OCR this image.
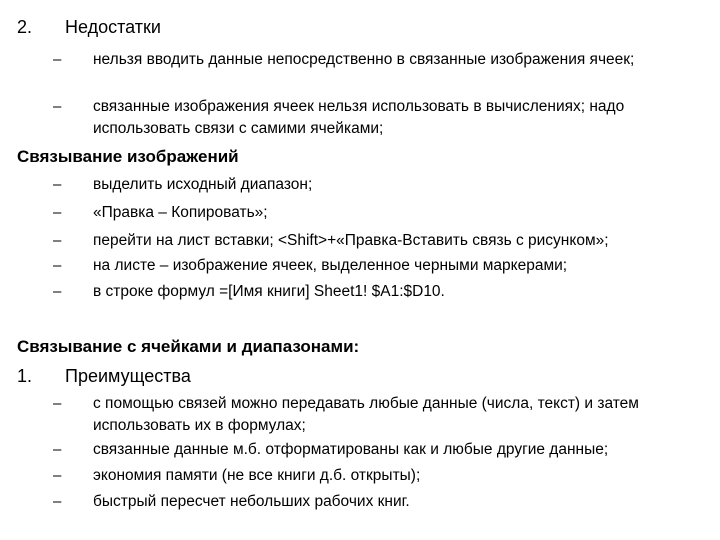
2. Недостатки
– нельзя вводить данные непосредственно в связанные изображения ячеек;
– связанные изображения ячеек нельзя использовать в вычислениях; надо использовать связи с самими ячейками;
Связывание изображений
– выделить исходный диапазон;
– «Правка – Копировать»;
– перейти на лист вставки; <Shift>+«Правка-Вставить связь с рисунком»;
– на листе – изображение ячеек, выделенное черными маркерами;
– в строке формул =[Имя книги] Sheet1! $A1:$D10.
Связывание с ячейками и диапазонами:
1. Преимущества
– с помощью связей можно передавать любые данные (числа, текст) и затем использовать их в формулах;
– связанные данные м.б. отформатированы как и любые другие данные;
– экономия памяти (не все книги д.б. открыты);
– быстрый пересчет небольших рабочих книг.
